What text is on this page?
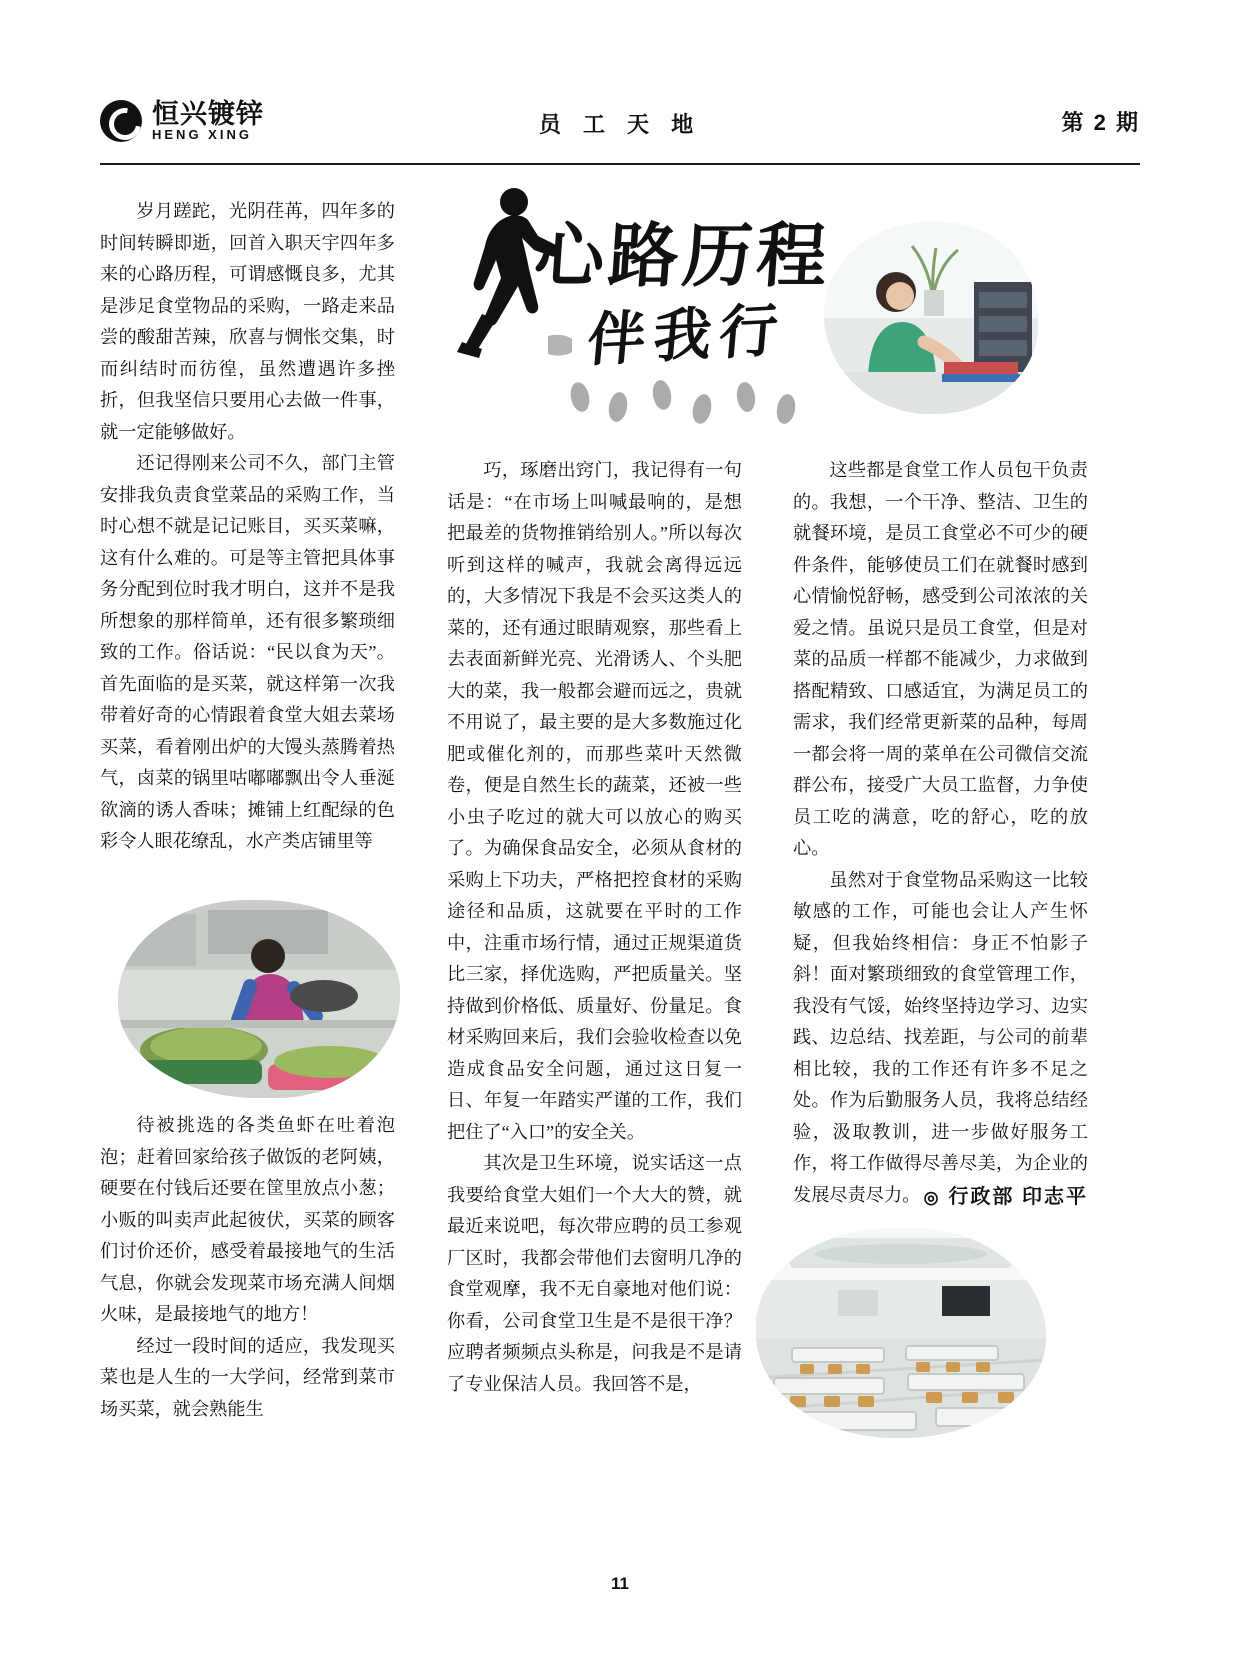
恒兴镀锌
HENG XING	员 工 天 地	第 2 期
心路历程
伴我行

岁月蹉跎，光阴荏苒，四年多的时间转瞬即逝，回首入职天宇四年多来的心路历程，可谓感慨良多，尤其是涉足食堂物品的采购，一路走来品尝的酸甜苦辣，欣喜与惆怅交集，时而纠结时而彷徨，虽然遭遇许多挫折，但我坚信只要用心去做一件事，就一定能够做好。

还记得刚来公司不久，部门主管安排我负责食堂菜品的采购工作，当时心想不就是记记账目，买买菜嘛，这有什么难的。可是等主管把具体事务分配到位时我才明白，这并不是我所想象的那样简单，还有很多繁琐细致的工作。俗话说：“民以食为天”。首先面临的是买菜，就这样第一次我带着好奇的心情跟着食堂大姐去菜场买菜，看着刚出炉的大馒头蒸腾着热气，卤菜的锅里咕嘟嘟飘出令人垂涎欲滴的诱人香味；摊铺上红配绿的色彩令人眼花缭乱，水产类店铺里等

待被挑选的各类鱼虾在吐着泡泡；赶着回家给孩子做饭的老阿姨，硬要在付钱后还要在筐里放点小葱；小贩的叫卖声此起彼伏，买菜的顾客们讨价还价，感受着最接地气的生活气息，你就会发现菜市场充满人间烟火味，是最接地气的地方！

经过一段时间的适应，我发现买菜也是人生的一大学问，经常到菜市场买菜，就会熟能生

巧，琢磨出窍门，我记得有一句话是：“在市场上叫喊最响的，是想把最差的货物推销给别人。”所以每次听到这样的喊声，我就会离得远远的，大多情况下我是不会买这类人的菜的，还有通过眼睛观察，那些看上去表面新鲜光亮、光滑诱人、个头肥大的菜，我一般都会避而远之，贵就不用说了，最主要的是大多数施过化肥或催化剂的，而那些菜叶天然微卷，便是自然生长的蔬菜，还被一些小虫子吃过的就大可以放心的购买了。为确保食品安全，必须从食材的采购上下功夫，严格把控食材的采购途径和品质，这就要在平时的工作中，注重市场行情，通过正规渠道货比三家，择优选购，严把质量关。坚持做到价格低、质量好、份量足。食材采购回来后，我们会验收检查以免造成食品安全问题，通过这日复一日、年复一年踏实严谨的工作，我们把住了“入口”的安全关。

其次是卫生环境，说实话这一点我要给食堂大姐们一个大大的赞，就最近来说吧，每次带应聘的员工参观厂区时，我都会带他们去窗明几净的食堂观摩，我不无自豪地对他们说：你看，公司食堂卫生是不是很干净？应聘者频频点头称是，问我是不是请了专业保洁人员。我回答不是，

这些都是食堂工作人员包干负责的。我想，一个干净、整洁、卫生的就餐环境，是员工食堂必不可少的硬件条件，能够使员工们在就餐时感到心情愉悦舒畅，感受到公司浓浓的关爱之情。虽说只是员工食堂，但是对菜的品质一样都不能减少，力求做到搭配精致、口感适宜，为满足员工的需求，我们经常更新菜的品种，每周一都会将一周的菜单在公司微信交流群公布，接受广大员工监督，力争使员工吃的满意，吃的舒心，吃的放心。

虽然对于食堂物品采购这一比较敏感的工作，可能也会让人产生怀疑，但我始终相信：身正不怕影子斜！面对繁琐细致的食堂管理工作，我没有气馁，始终坚持边学习、边实践、边总结、找差距，与公司的前辈相比较，我的工作还有许多不足之处。作为后勤服务人员，我将总结经验，汲取教训，进一步做好服务工作，将工作做得尽善尽美，为企业的发展尽责尽力。 ◎ 行政部 印志平
11
